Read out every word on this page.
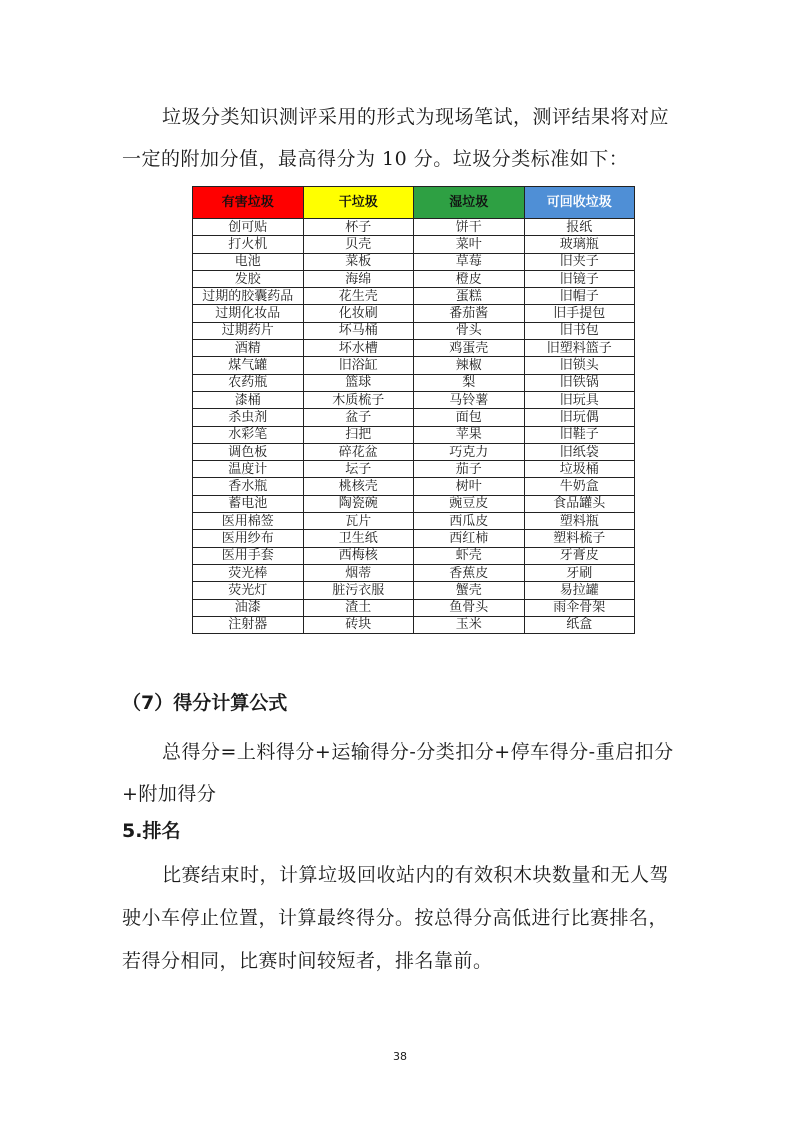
垃圾分类知识测评采用的形式为现场笔试，测评结果将对应一定的附加分值，最高得分为 10 分。垃圾分类标准如下：
有害垃圾	干垃圾	湿垃圾	可回收垃圾
创可贴	杯子	饼干	报纸
打火机	贝壳	菜叶	玻璃瓶
电池	菜板	草莓	旧夹子
发胶	海绵	橙皮	旧镜子
过期的胶囊药品	花生壳	蛋糕	旧帽子
过期化妆品	化妆刷	番茄酱	旧手提包
过期药片	坏马桶	骨头	旧书包
酒精	坏水槽	鸡蛋壳	旧塑料篮子
煤气罐	旧浴缸	辣椒	旧锁头
农药瓶	篮球	梨	旧铁锅
漆桶	木质梳子	马铃薯	旧玩具
杀虫剂	盆子	面包	旧玩偶
水彩笔	扫把	苹果	旧鞋子
调色板	碎花盆	巧克力	旧纸袋
温度计	坛子	茄子	垃圾桶
香水瓶	桃核壳	树叶	牛奶盒
蓄电池	陶瓷碗	豌豆皮	食品罐头
医用棉签	瓦片	西瓜皮	塑料瓶
医用纱布	卫生纸	西红柿	塑料梳子
医用手套	西梅核	虾壳	牙膏皮
荧光棒	烟蒂	香蕉皮	牙刷
荧光灯	脏污衣服	蟹壳	易拉罐
油漆	渣土	鱼骨头	雨伞骨架
注射器	砖块	玉米	纸盒
（7）得分计算公式
总得分=上料得分+运输得分-分类扣分+停车得分-重启扣分+附加得分
5.排名
比赛结束时，计算垃圾回收站内的有效积木块数量和无人驾驶小车停止位置，计算最终得分。按总得分高低进行比赛排名，若得分相同，比赛时间较短者，排名靠前。
38
